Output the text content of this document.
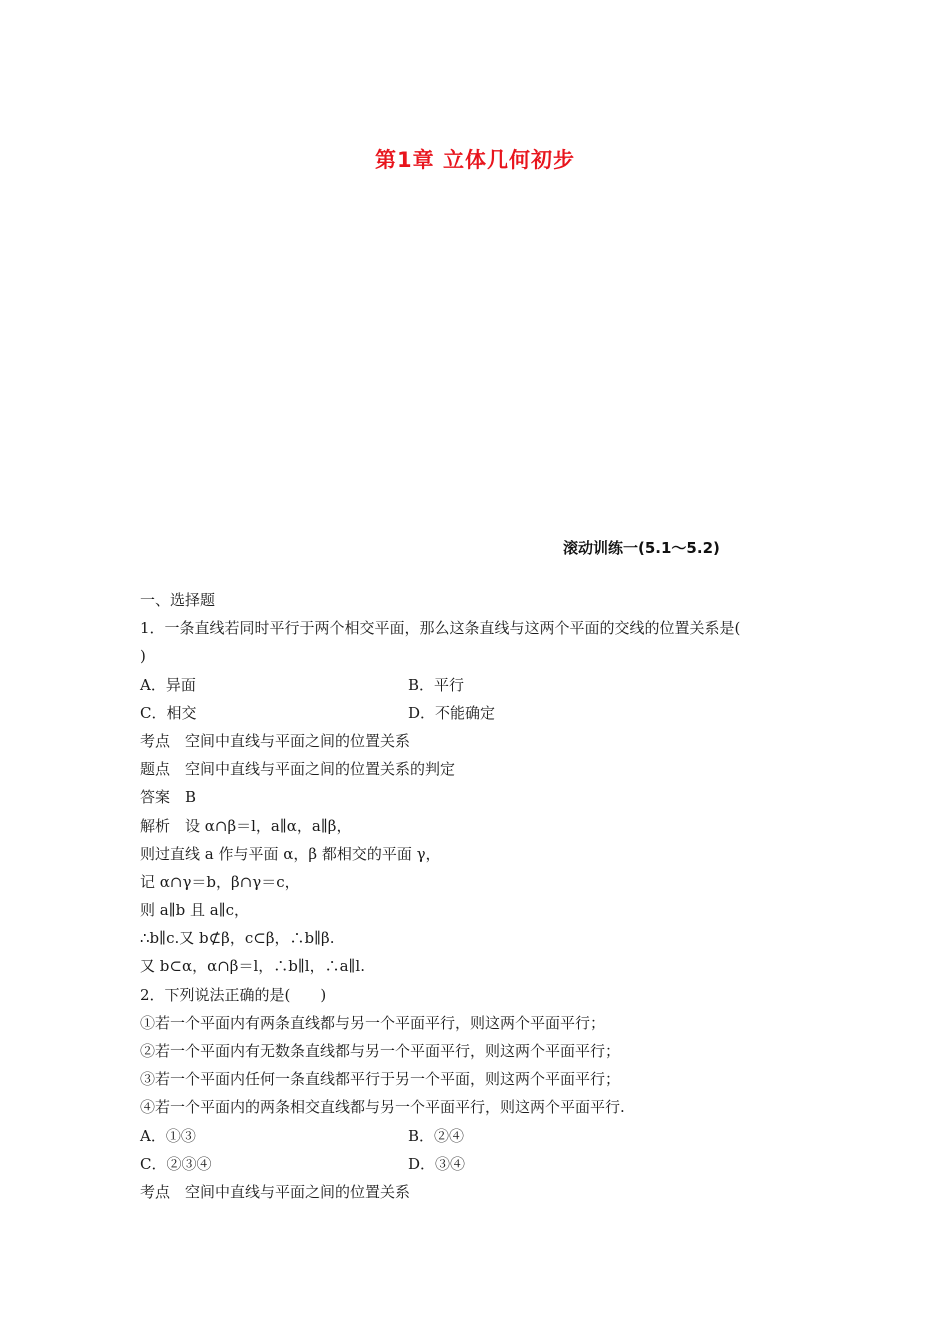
第1章 立体几何初步
滚动训练一(5.1～5.2)
一、选择题
1．一条直线若同时平行于两个相交平面，那么这条直线与这两个平面的交线的位置关系是(
)
A．异面	B．平行
C．相交	D．不能确定
考点　空间中直线与平面之间的位置关系
题点　空间中直线与平面之间的位置关系的判定
答案　B
解析　设 α∩β＝l，a∥α，a∥β，
则过直线 a 作与平面 α，β 都相交的平面 γ，
记 α∩γ＝b，β∩γ＝c，
则 a∥b 且 a∥c，
∴b∥c.又 b⊄β，c⊂β，∴b∥β.
又 b⊂α，α∩β＝l，∴b∥l，∴a∥l.
2．下列说法正确的是(　　)
①若一个平面内有两条直线都与另一个平面平行，则这两个平面平行；
②若一个平面内有无数条直线都与另一个平面平行，则这两个平面平行；
③若一个平面内任何一条直线都平行于另一个平面，则这两个平面平行；
④若一个平面内的两条相交直线都与另一个平面平行，则这两个平面平行.
A．①③	B．②④
C．②③④	D．③④
考点　空间中直线与平面之间的位置关系
